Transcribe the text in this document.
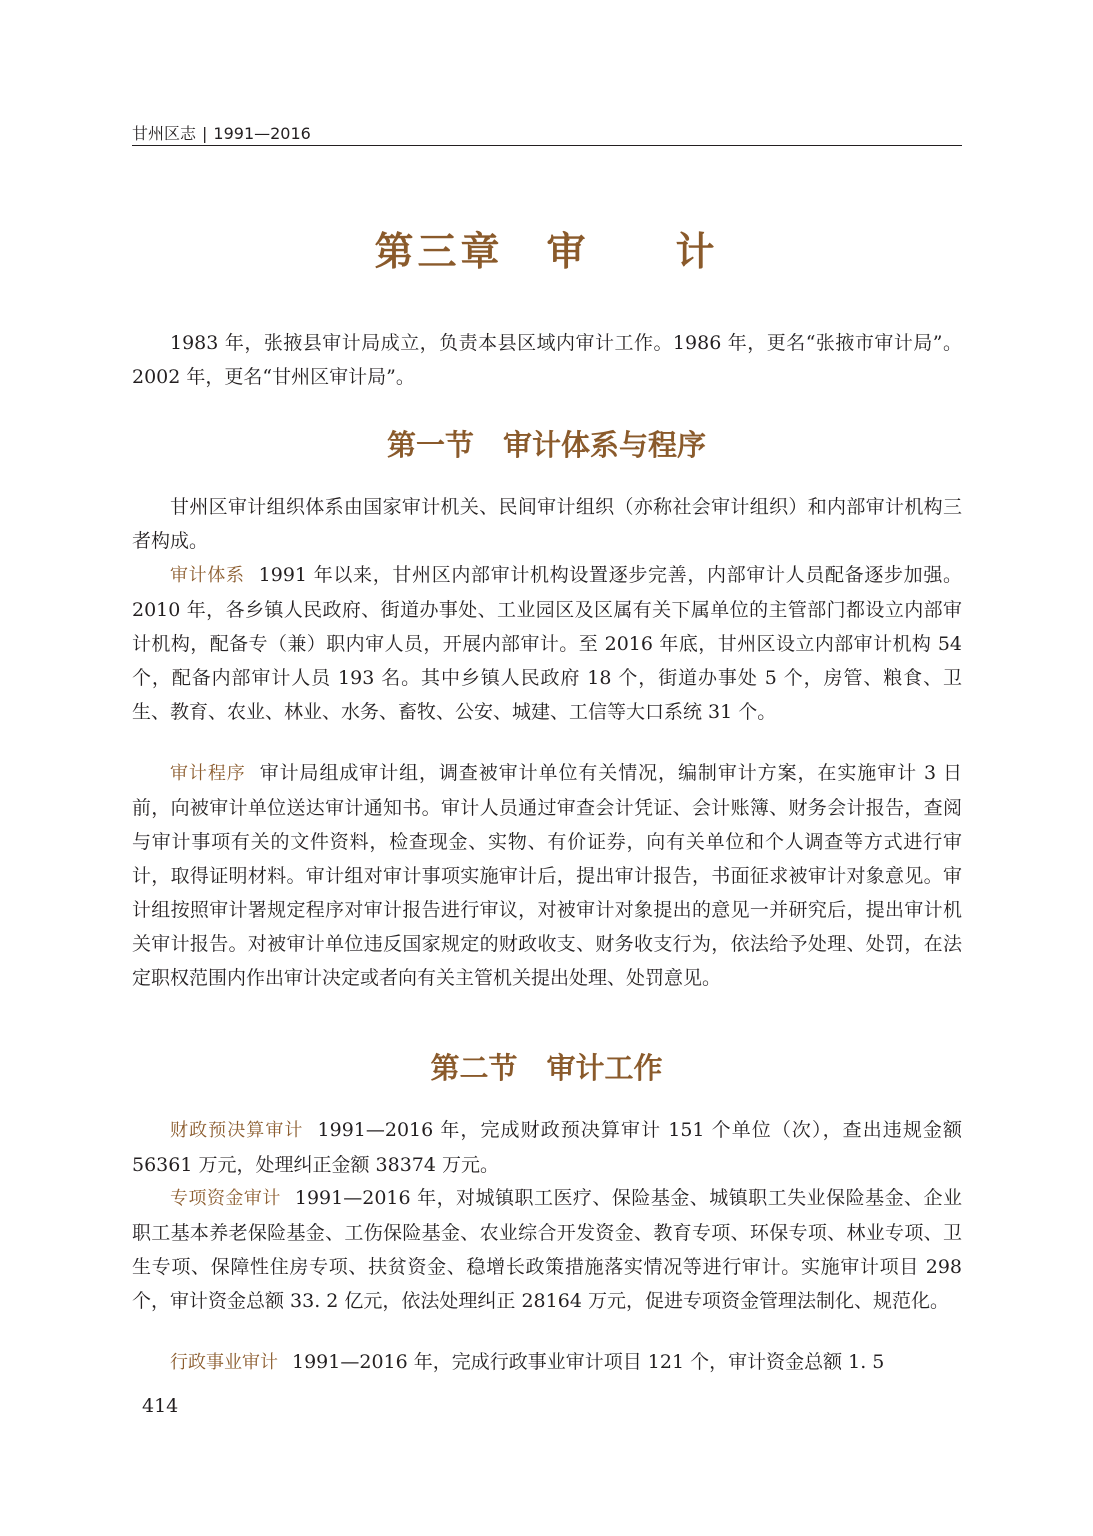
甘州区志 | 1991—2016
第三章　审　　计

1983 年，张掖县审计局成立，负责本县区域内审计工作。1986 年，更名“张掖市审计局”。2002 年，更名“甘州区审计局”。

第一节　审计体系与程序

甘州区审计组织体系由国家审计机关、民间审计组织（亦称社会审计组织）和内部审计机构三者构成。

审计体系 1991 年以来，甘州区内部审计机构设置逐步完善，内部审计人员配备逐步加强。2010 年，各乡镇人民政府、街道办事处、工业园区及区属有关下属单位的主管部门都设立内部审计机构，配备专（兼）职内审人员，开展内部审计。至 2016 年底，甘州区设立内部审计机构 54 个，配备内部审计人员 193 名。其中乡镇人民政府 18 个，街道办事处 5 个，房管、粮食、卫生、教育、农业、林业、水务、畜牧、公安、城建、工信等大口系统 31 个。

审计程序 审计局组成审计组，调查被审计单位有关情况，编制审计方案，在实施审计 3 日前，向被审计单位送达审计通知书。审计人员通过审查会计凭证、会计账簿、财务会计报告，查阅与审计事项有关的文件资料，检查现金、实物、有价证券，向有关单位和个人调查等方式进行审计，取得证明材料。审计组对审计事项实施审计后，提出审计报告，书面征求被审计对象意见。审计组按照审计署规定程序对审计报告进行审议，对被审计对象提出的意见一并研究后，提出审计机关审计报告。对被审计单位违反国家规定的财政收支、财务收支行为，依法给予处理、处罚，在法定职权范围内作出审计决定或者向有关主管机关提出处理、处罚意见。

第二节　审计工作

财政预决算审计 1991—2016 年，完成财政预决算审计 151 个单位（次），查出违规金额 56361 万元，处理纠正金额 38374 万元。

专项资金审计 1991—2016 年，对城镇职工医疗、保险基金、城镇职工失业保险基金、企业职工基本养老保险基金、工伤保险基金、农业综合开发资金、教育专项、环保专项、林业专项、卫生专项、保障性住房专项、扶贫资金、稳增长政策措施落实情况等进行审计。实施审计项目 298 个，审计资金总额 33. 2 亿元，依法处理纠正 28164 万元，促进专项资金管理法制化、规范化。

行政事业审计 1991—2016 年，完成行政事业审计项目 121 个，审计资金总额 1. 5

414
